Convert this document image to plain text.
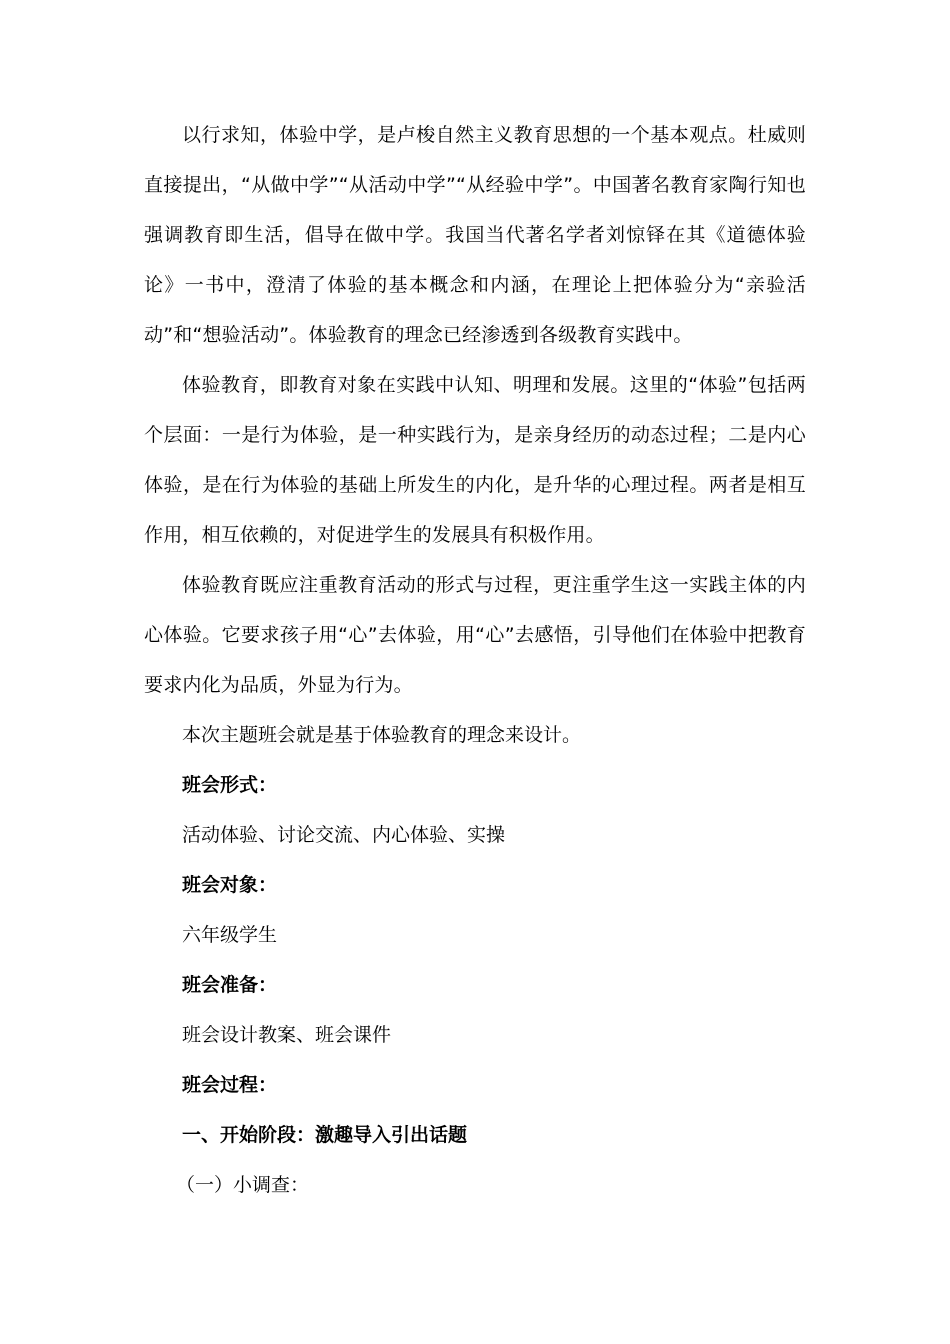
以行求知，体验中学，是卢梭自然主义教育思想的一个基本观点。杜威则直接提出，“从做中学”“从活动中学”“从经验中学”。中国著名教育家陶行知也强调教育即生活，倡导在做中学。我国当代著名学者刘惊铎在其《道德体验论》一书中，澄清了体验的基本概念和内涵，在理论上把体验分为“亲验活动”和“想验活动”。体验教育的理念已经渗透到各级教育实践中。

体验教育，即教育对象在实践中认知、明理和发展。这里的“体验”包括两个层面：一是行为体验，是一种实践行为，是亲身经历的动态过程；二是内心体验，是在行为体验的基础上所发生的内化，是升华的心理过程。两者是相互作用，相互依赖的，对促进学生的发展具有积极作用。

体验教育既应注重教育活动的形式与过程，更注重学生这一实践主体的内心体验。它要求孩子用“心”去体验，用“心”去感悟，引导他们在体验中把教育要求内化为品质，外显为行为。

本次主题班会就是基于体验教育的理念来设计。

班会形式：

活动体验、讨论交流、内心体验、实操

班会对象：

六年级学生

班会准备：

班会设计教案、班会课件

班会过程：

一、开始阶段：激趣导入引出话题

（一）小调查：
